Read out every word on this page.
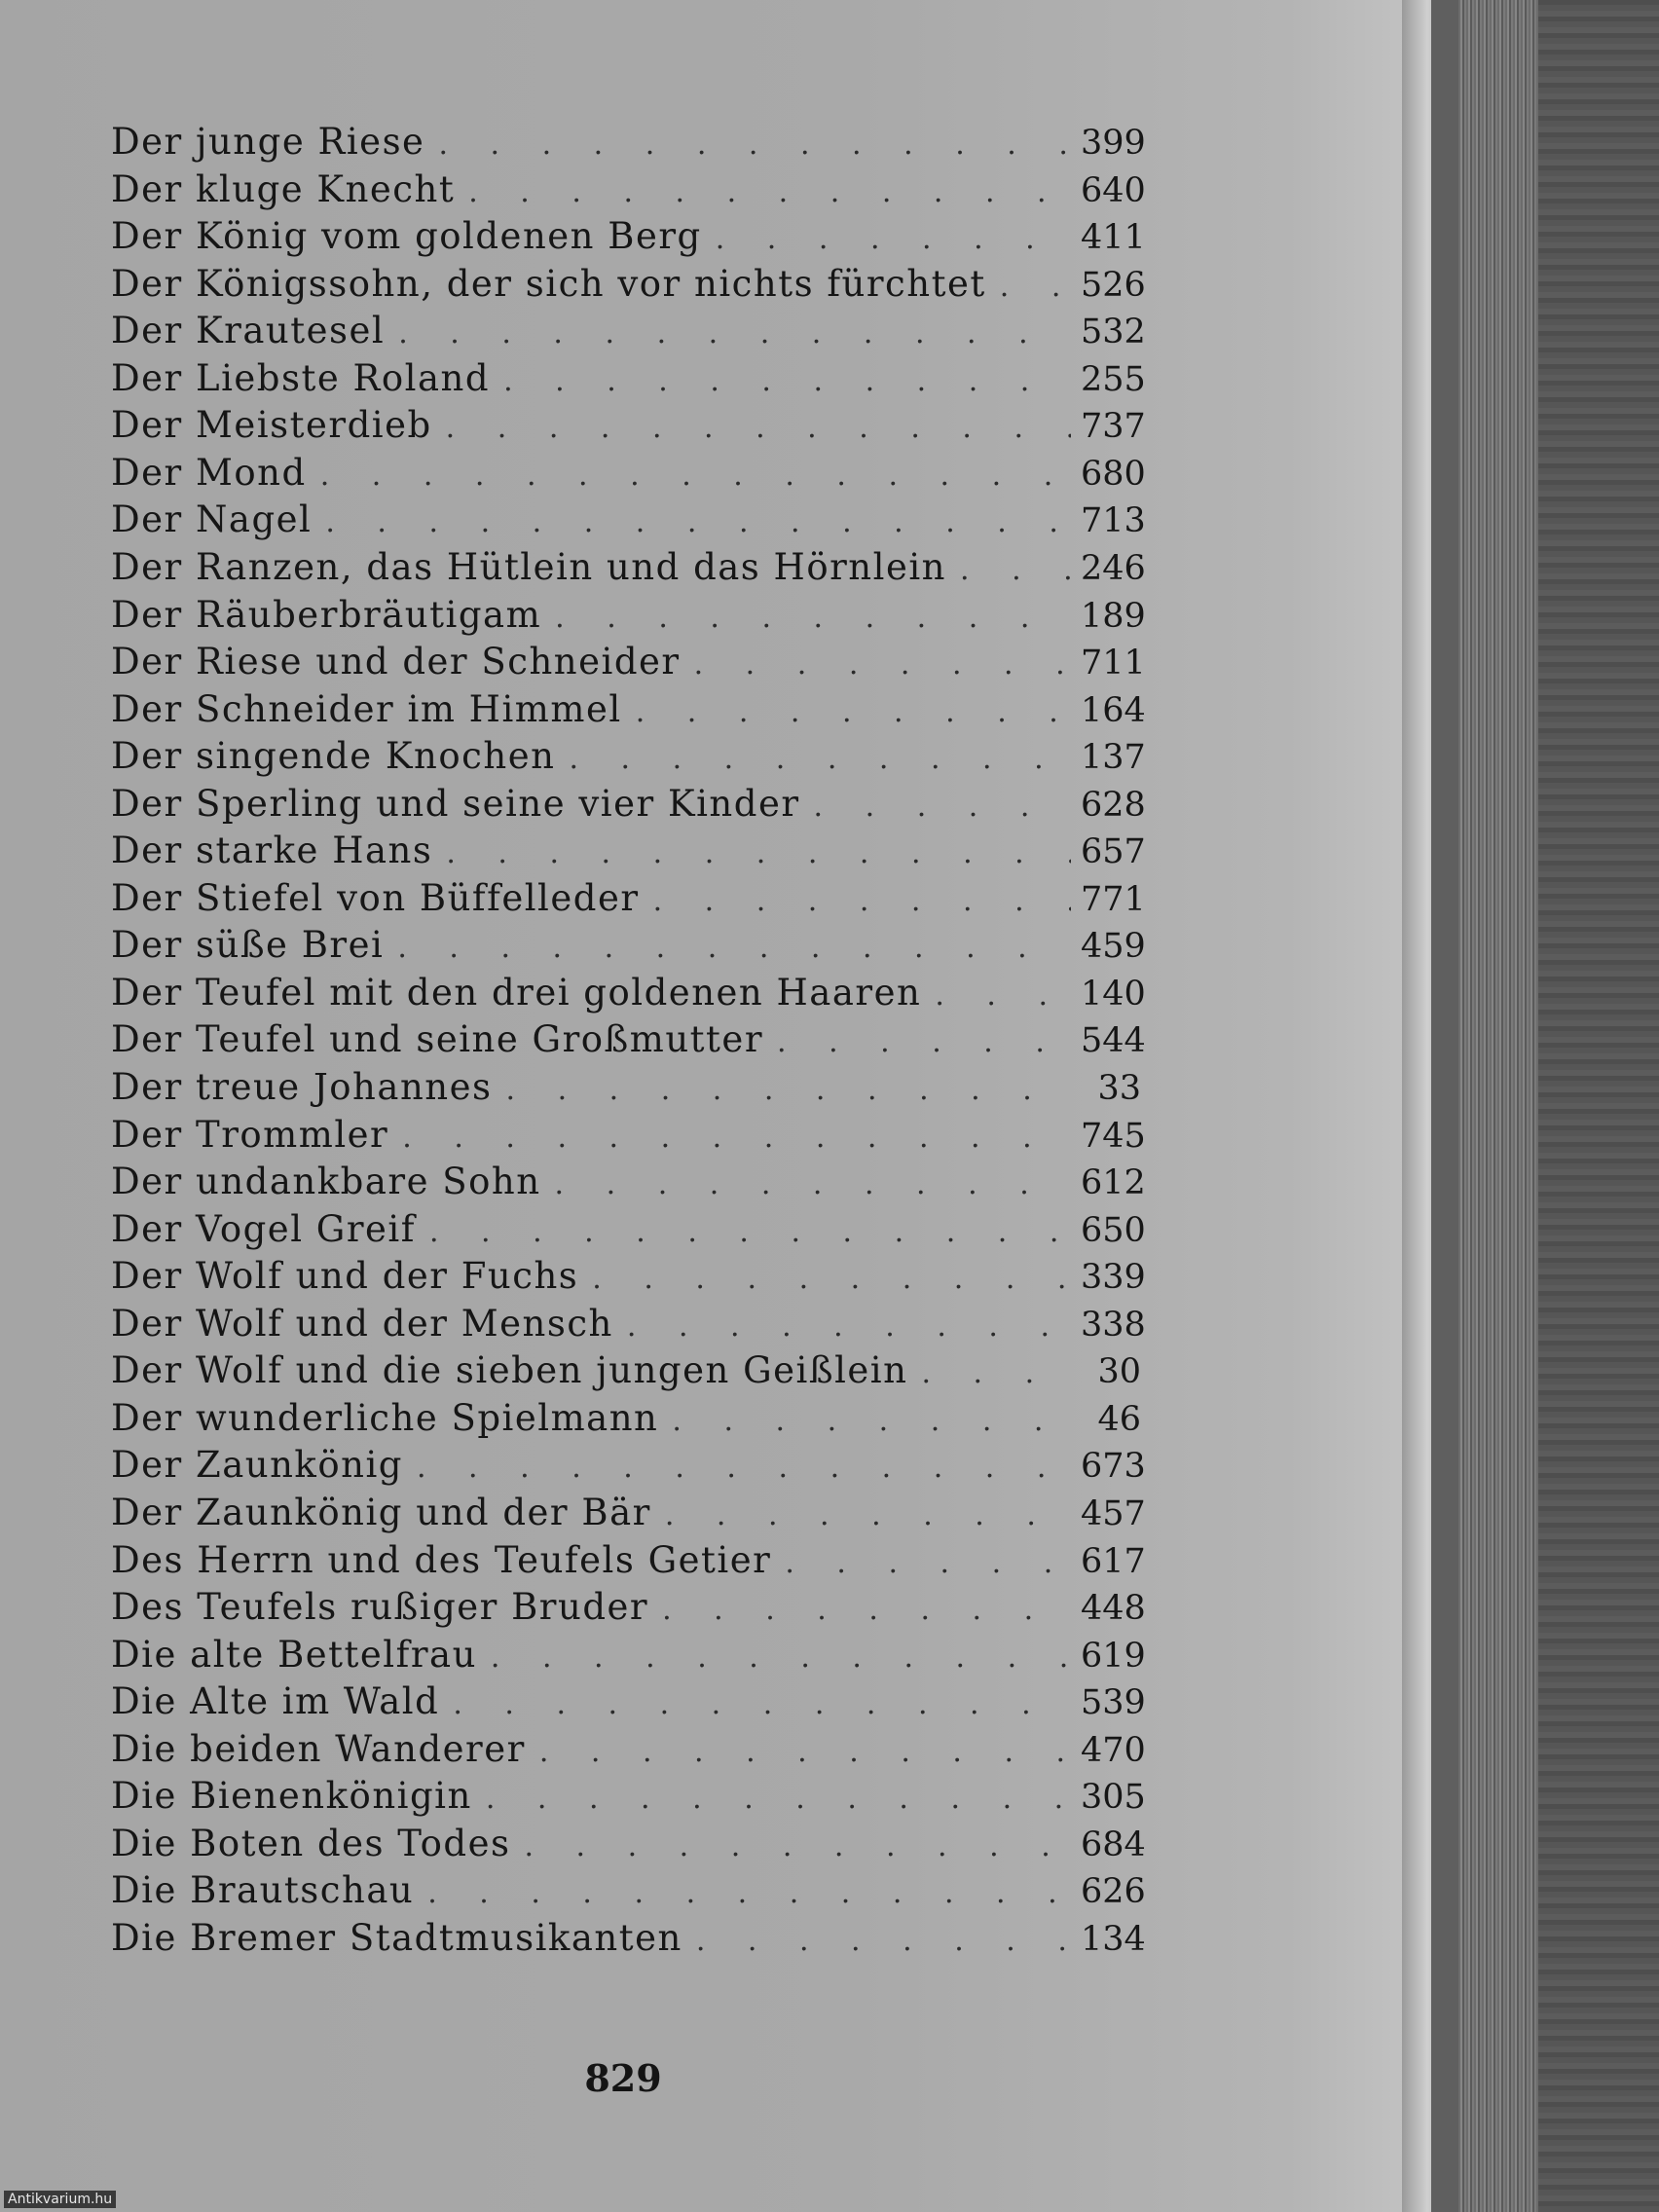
Der junge Riese . . .	399
Der kluge Knecht . . .	640
Der König vom goldenen Berg . . .	411
Der Königssohn, der sich vor nichts fürchtet . . .	526
Der Krautesel . . .	532
Der Liebste Roland . . .	255
Der Meisterdieb . . .	737
Der Mond . . .	680
Der Nagel . . .	713
Der Ranzen, das Hütlein und das Hörnlein . . .	246
Der Räuberbräutigam . . .	189
Der Riese und der Schneider . . .	711
Der Schneider im Himmel . . .	164
Der singende Knochen . . .	137
Der Sperling und seine vier Kinder . . .	628
Der starke Hans . . .	657
Der Stiefel von Büffelleder . . .	771
Der süße Brei . . .	459
Der Teufel mit den drei goldenen Haaren . . .	140
Der Teufel und seine Großmutter . . .	544
Der treue Johannes . . .	33
Der Trommler . . .	745
Der undankbare Sohn . . .	612
Der Vogel Greif . . .	650
Der Wolf und der Fuchs . . .	339
Der Wolf und der Mensch . . .	338
Der Wolf und die sieben jungen Geißlein . . .	30
Der wunderliche Spielmann . . .	46
Der Zaunkönig . . .	673
Der Zaunkönig und der Bär . . .	457
Des Herrn und des Teufels Getier . . .	617
Des Teufels rußiger Bruder . . .	448
Die alte Bettelfrau . . .	619
Die Alte im Wald . . .	539
Die beiden Wanderer . . .	470
Die Bienenkönigin . . .	305
Die Boten des Todes . . .	684
Die Brautschau . . .	626
Die Bremer Stadtmusikanten . . .	134
829
Antikvarium.hu
